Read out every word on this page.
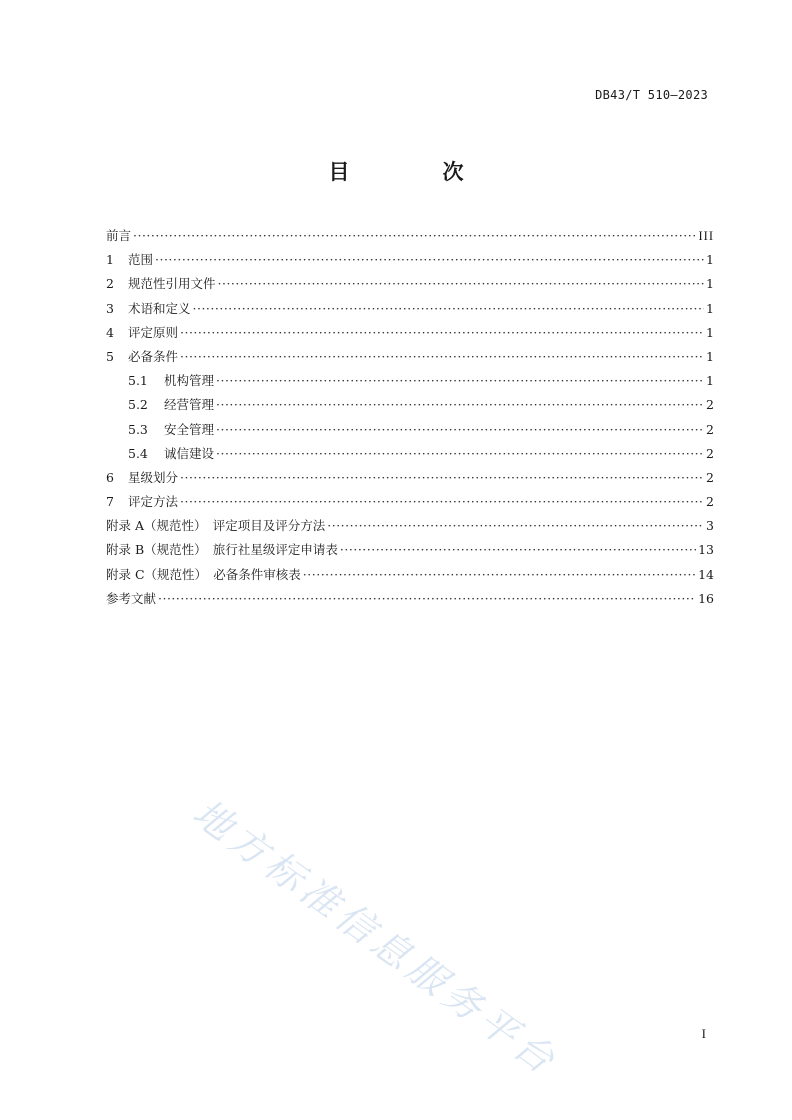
DB43/T 510—2023
目　次
前言 ·····	III
1	范围 ·····	1
2	规范性引用文件 ·····	1
3	术语和定义 ·····	1
4	评定原则 ·····	1
5	必备条件 ·····	1
5.1	机构管理 ·····	1
5.2	经营管理 ·····	2
5.3	安全管理 ·····	2
5.4	诚信建设 ·····	2
6	星级划分 ·····	2
7	评定方法 ·····	2
附录 A（规范性）　评定项目及评分方法 ·····	3
附录 B（规范性）　旅行社星级评定申请表 ·····	13
附录 C（规范性）　必备条件审核表 ·····	14
参考文献 ·····	16
地方标准信息服务平台	I
